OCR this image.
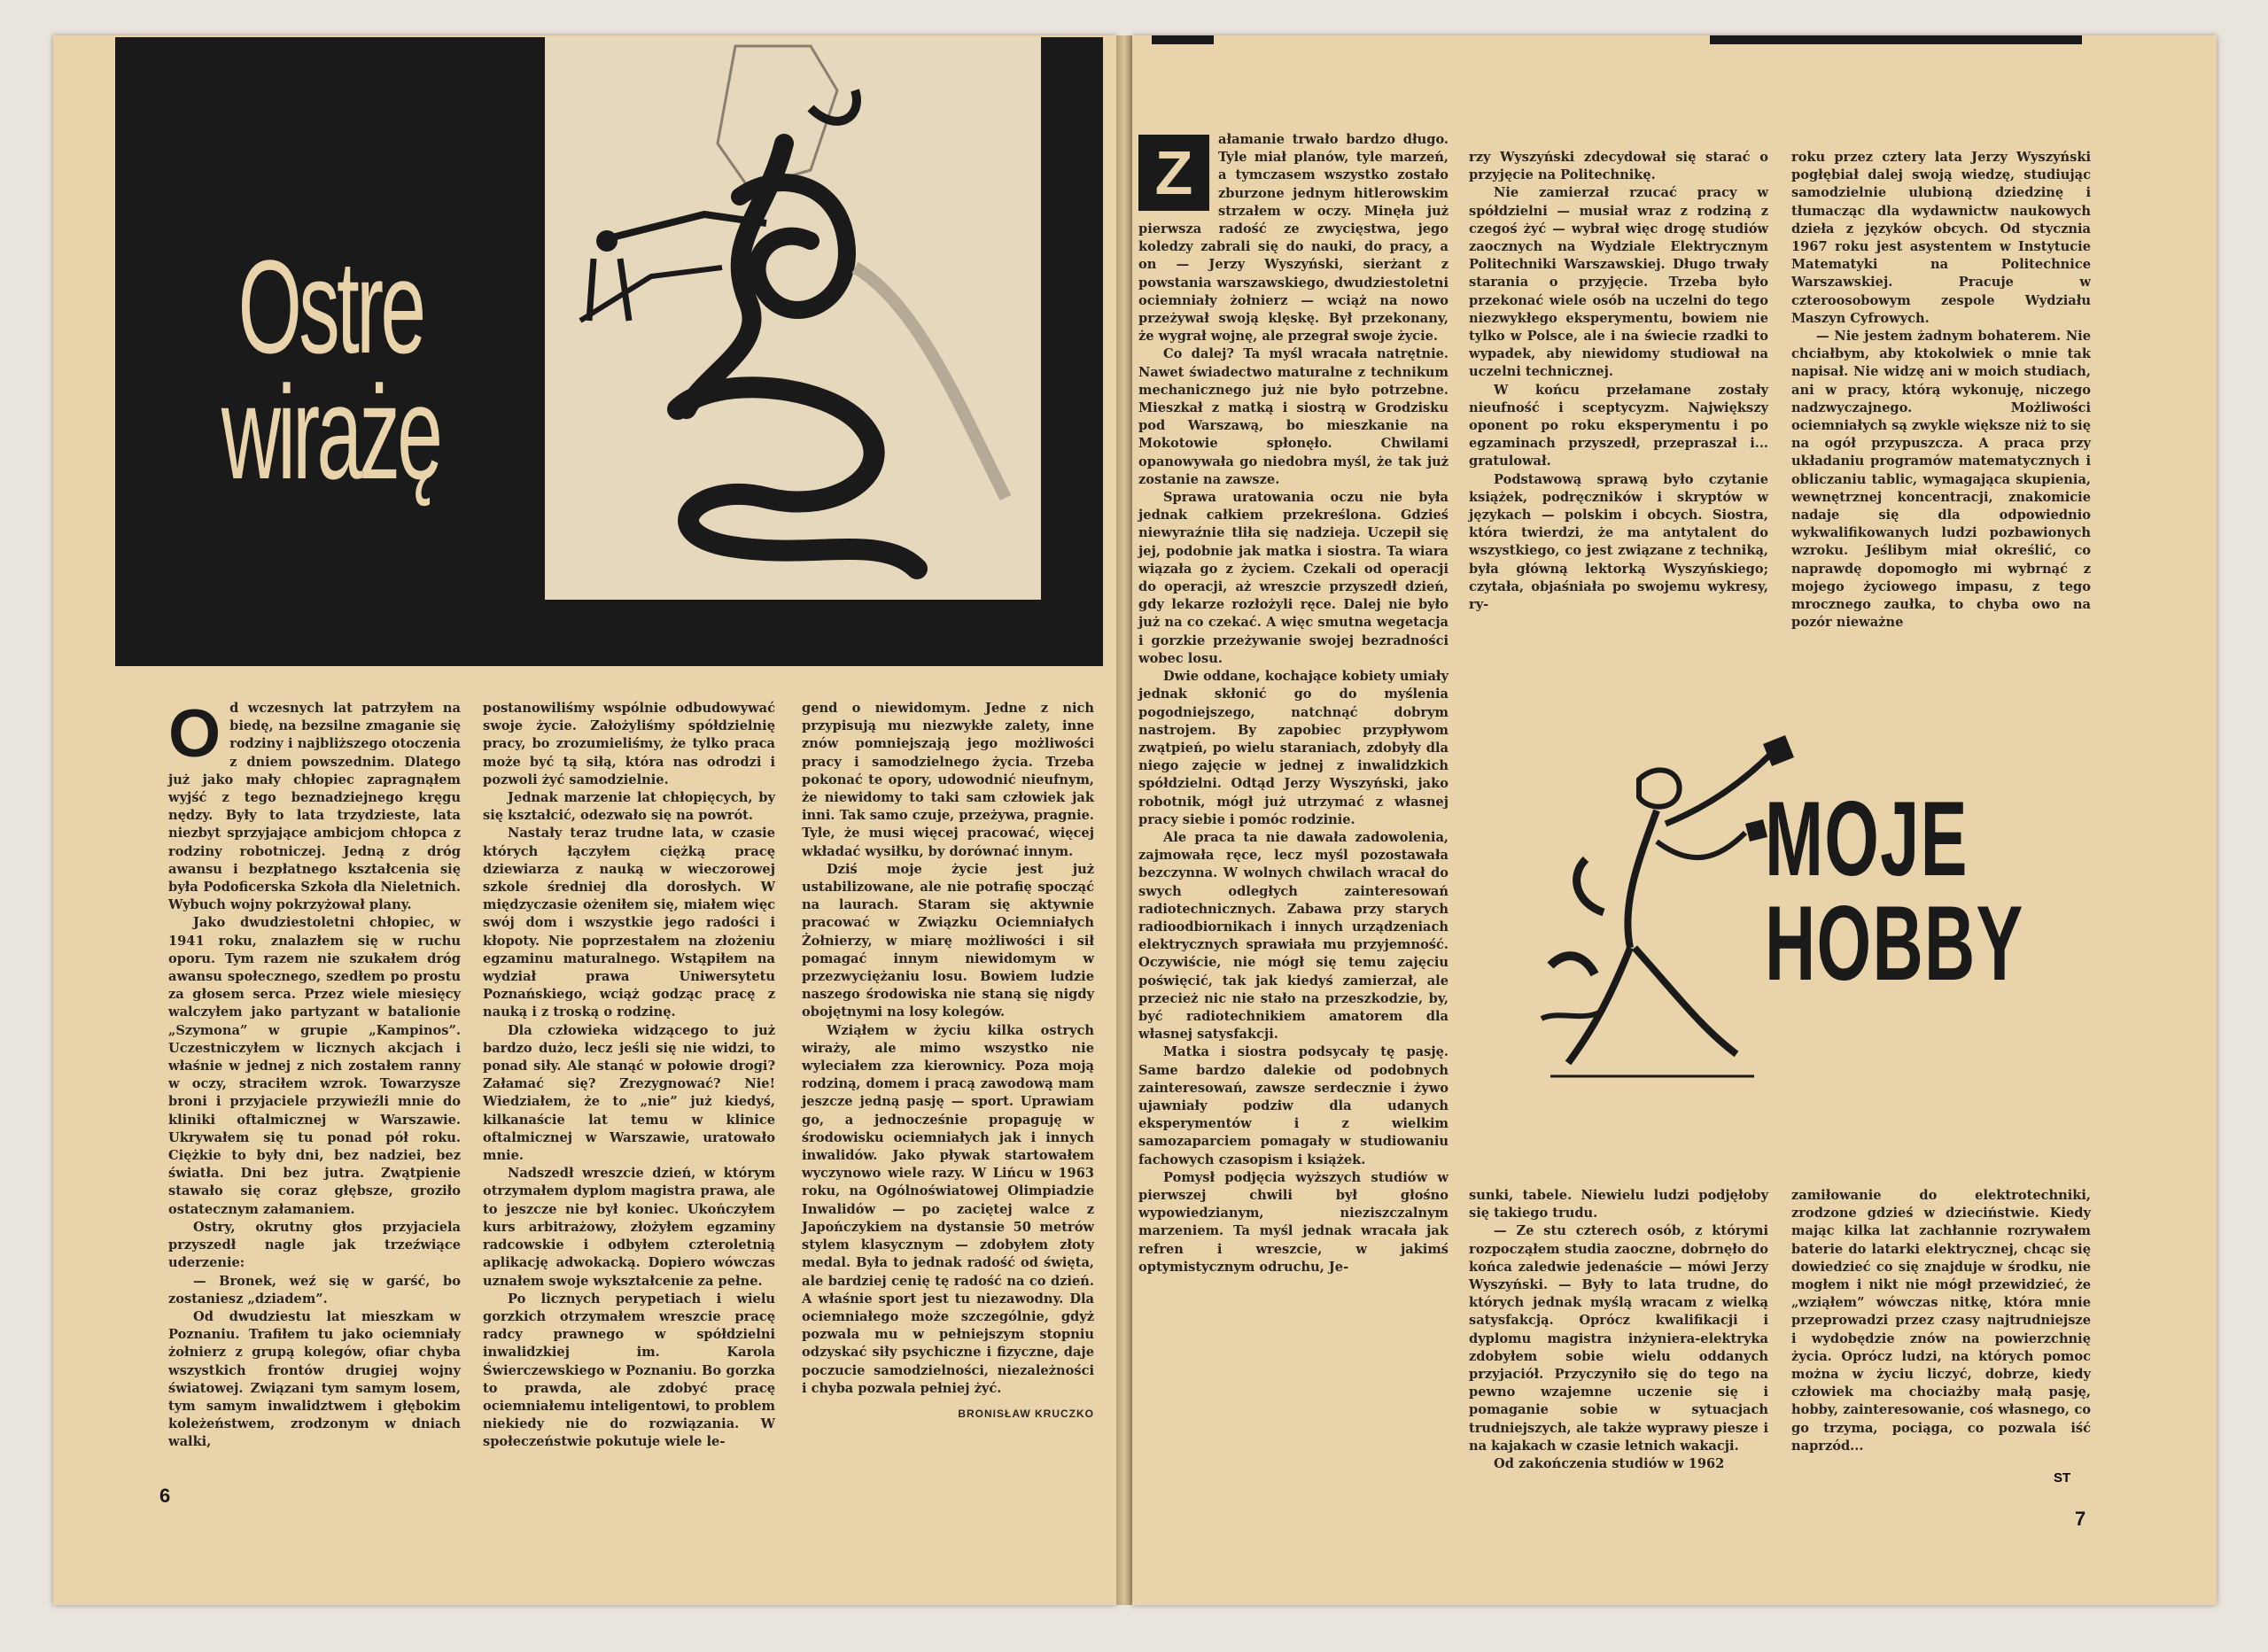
Ostre
wirażę

Od wczesnych lat patrzyłem na biedę, na bezsilne zmaganie się rodziny i najbliższego otoczenia z dniem powszednim. Dlatego już jako mały chłopiec zapragnąłem wyjść z tego beznadziejnego kręgu nędzy. Były to lata trzydzieste, lata niezbyt sprzyjające ambicjom chłopca z rodziny robotniczej. Jedną z dróg awansu i bezpłatnego kształcenia się była Podoficerska Szkoła dla Nieletnich. Wybuch wojny pokrzyżował plany.

Jako dwudziestoletni chłopiec, w 1941 roku, znalazłem się w ruchu oporu. Tym razem nie szukałem dróg awansu społecznego, szedłem po prostu za głosem serca. Przez wiele miesięcy walczyłem jako partyzant w batalionie „Szymona” w grupie „Kampinos”. Uczestniczyłem w licznych akcjach i właśnie w jednej z nich zostałem ranny w oczy, straciłem wzrok. Towarzysze broni i przyjaciele przywieźli mnie do kliniki oftalmicznej w Warszawie. Ukrywałem się tu ponad pół roku. Ciężkie to były dni, bez nadziei, bez światła. Dni bez jutra. Zwątpienie stawało się coraz głębsze, groziło ostatecznym załamaniem.

Ostry, okrutny głos przyjaciela przyszedł nagle jak trzeźwiące uderzenie:

— Bronek, weź się w garść, bo zostaniesz „dziadem”.

Od dwudziestu lat mieszkam w Poznaniu. Trafiłem tu jako ociemniały żołnierz z grupą kolegów, ofiar chyba wszystkich frontów drugiej wojny światowej. Związani tym samym losem, tym samym inwalidztwem i głębokim koleżeństwem, zrodzonym w dniach walki,

postanowiliśmy wspólnie odbudowywać swoje życie. Założyliśmy spółdzielnię pracy, bo zrozumieliśmy, że tylko praca może być tą siłą, która nas odrodzi i pozwoli żyć samodzielnie.

Jednak marzenie lat chłopięcych, by się kształcić, odezwało się na powrót.

Nastały teraz trudne lata, w czasie których łączyłem ciężką pracę dziewiarza z nauką w wieczorowej szkole średniej dla dorosłych. W międzyczasie ożeniłem się, miałem więc swój dom i wszystkie jego radości i kłopoty. Nie poprzestałem na złożeniu egzaminu maturalnego. Wstąpiłem na wydział prawa Uniwersytetu Poznańskiego, wciąż godząc pracę z nauką i z troską o rodzinę.

Dla człowieka widzącego to już bardzo dużo, lecz jeśli się nie widzi, to ponad siły. Ale stanąć w połowie drogi? Załamać się? Zrezygnować? Nie! Wiedziałem, że to „nie” już kiedyś, kilkanaście lat temu w klinice oftalmicznej w Warszawie, uratowało mnie.

Nadszedł wreszcie dzień, w którym otrzymałem dyplom magistra prawa, ale to jeszcze nie był koniec. Ukończyłem kurs arbitrażowy, złożyłem egzaminy radcowskie i odbyłem czteroletnią aplikację adwokacką. Dopiero wówczas uznałem swoje wykształcenie za pełne.

Po licznych perypetiach i wielu gorzkich otrzymałem wreszcie pracę radcy prawnego w spółdzielni inwalidzkiej im. Karola Świerczewskiego w Poznaniu. Bo gorzka to prawda, ale zdobyć pracę ociemniałemu inteligentowi, to problem niekiedy nie do rozwiązania. W społeczeństwie pokutuje wiele le-

gend o niewidomym. Jedne z nich przypisują mu niezwykłe zalety, inne znów pomniejszają jego możliwości pracy i samodzielnego życia. Trzeba pokonać te opory, udowodnić nieufnym, że niewidomy to taki sam człowiek jak inni. Tak samo czuje, przeżywa, pragnie. Tyle, że musi więcej pracować, więcej wkładać wysiłku, by dorównać innym.

Dziś moje życie jest już ustabilizowane, ale nie potrafię spocząć na laurach. Staram się aktywnie pracować w Związku Ociemniałych Żołnierzy, w miarę możliwości i sił pomagać innym niewidomym w przezwyciężaniu losu. Bowiem ludzie naszego środowiska nie staną się nigdy obojętnymi na losy kolegów.

Wziąłem w życiu kilka ostrych wiraży, ale mimo wszystko nie wyleciałem zza kierownicy. Poza moją rodziną, domem i pracą zawodową mam jeszcze jedną pasję — sport. Uprawiam go, a jednocześnie propaguję w środowisku ociemniałych jak i innych inwalidów. Jako pływak startowałem wyczynowo wiele razy. W Lińcu w 1963 roku, na Ogólnoświatowej Olimpiadzie Inwalidów — po zaciętej walce z Japończykiem na dystansie 50 metrów stylem klasycznym — zdobyłem złoty medal. Była to jednak radość od święta, ale bardziej cenię tę radość na co dzień. A właśnie sport jest tu niezawodny. Dla ociemniałego może szczególnie, gdyż pozwala mu w pełniejszym stopniu odzyskać siły psychiczne i fizyczne, daje poczucie samodzielności, niezależności i chyba pozwala pełniej żyć.

BRONISŁAW KRUCZKO
6

Z	ałamanie trwało bardzo długo. Tyle miał planów, tyle marzeń, a tymczasem wszystko zostało zburzone jednym hitlerowskim strzałem w oczy. Minęła już pierwsza radość ze zwycięstwa, jego koledzy zabrali się do nauki, do pracy, a on — Jerzy Wyszyński, sierżant z powstania warszawskiego, dwudziestoletni ociemniały żołnierz — wciąż na nowo przeżywał swoją klęskę. Był przekonany, że wygrał wojnę, ale przegrał swoje życie.

Co dalej? Ta myśl wracała natrętnie. Nawet świadectwo maturalne z technikum mechanicznego już nie było potrzebne. Mieszkał z matką i siostrą w Grodzisku pod Warszawą, bo mieszkanie na Mokotowie spłonęło. Chwilami opanowywała go niedobra myśl, że tak już zostanie na zawsze.

Sprawa uratowania oczu nie była jednak całkiem przekreślona. Gdzieś niewyraźnie tliła się nadzieja. Uczepił się jej, podobnie jak matka i siostra. Ta wiara wiązała go z życiem. Czekali od operacji do operacji, aż wreszcie przyszedł dzień, gdy lekarze rozłożyli ręce. Dalej nie było już na co czekać. A więc smutna wegetacja i gorzkie przeżywanie swojej bezradności wobec losu.

Dwie oddane, kochające kobiety umiały jednak skłonić go do myślenia pogodniejszego, natchnąć dobrym nastrojem. By zapobiec przypływom zwątpień, po wielu staraniach, zdobyły dla niego zajęcie w jednej z inwalidzkich spółdzielni. Odtąd Jerzy Wyszyński, jako robotnik, mógł już utrzymać z własnej pracy siebie i pomóc rodzinie.

Ale praca ta nie dawała zadowolenia, zajmowała ręce, lecz myśl pozostawała bezczynna. W wolnych chwilach wracał do swych odległych zainteresowań radiotechnicznych. Zabawa przy starych radioodbiornikach i innych urządzeniach elektrycznych sprawiała mu przyjemność. Oczywiście, nie mógł się temu zajęciu poświęcić, tak jak kiedyś zamierzał, ale przecież nic nie stało na przeszkodzie, by, być radiotechnikiem amatorem dla własnej satysfakcji.

Matka i siostra podsycały tę pasję. Same bardzo dalekie od podobnych zainteresowań, zawsze serdecznie i żywo ujawniały podziw dla udanych eksperymentów i z wielkim samozaparciem pomagały w studiowaniu fachowych czasopism i książek.

Pomysł podjęcia wyższych studiów w pierwszej chwili był głośno wypowiedzianym, nieziszczalnym marzeniem. Ta myśl jednak wracała jak refren i wreszcie, w jakimś optymistycznym odruchu, Je-

rzy Wyszyński zdecydował się starać o przyjęcie na Politechnikę.

Nie zamierzał rzucać pracy w spółdzielni — musiał wraz z rodziną z czegoś żyć — wybrał więc drogę studiów zaocznych na Wydziale Elektrycznym Politechniki Warszawskiej. Długo trwały starania o przyjęcie. Trzeba było przekonać wiele osób na uczelni do tego niezwykłego eksperymentu, bowiem nie tylko w Polsce, ale i na świecie rzadki to wypadek, aby niewidomy studiował na uczelni technicznej.

W końcu przełamane zostały nieufność i sceptycyzm. Największy oponent po roku eksperymentu i po egzaminach przyszedł, przepraszał i... gratulował.

Podstawową sprawą było czytanie książek, podręczników i skryptów w językach — polskim i obcych. Siostra, która twierdzi, że ma antytalent do wszystkiego, co jest związane z techniką, była główną lektorką Wyszyńskiego; czytała, objaśniała po swojemu wykresy, ry-

roku przez cztery lata Jerzy Wyszyński pogłębiał dalej swoją wiedzę, studiując samodzielnie ulubioną dziedzinę i tłumacząc dla wydawnictw naukowych dzieła z języków obcych. Od stycznia 1967 roku jest asystentem w Instytucie Matematyki na Politechnice Warszawskiej. Pracuje w czteroosobowym zespole Wydziału Maszyn Cyfrowych.

— Nie jestem żadnym bohaterem. Nie chciałbym, aby ktokolwiek o mnie tak napisał. Nie widzę ani w moich studiach, ani w pracy, którą wykonuję, niczego nadzwyczajnego. Możliwości ociemniałych są zwykle większe niż to się na ogół przypuszcza. A praca przy układaniu programów matematycznych i obliczaniu tablic, wymagająca skupienia, wewnętrznej koncentracji, znakomicie nadaje się dla odpowiednio wykwalifikowanych ludzi pozbawionych wzroku. Jeślibym miał określić, co naprawdę dopomogło mi wybrnąć z mojego życiowego impasu, z tego mrocznego zaułka, to chyba owo na pozór nieważne

MOJE
HOBBY

sunki, tabele. Niewielu ludzi podjęłoby się takiego trudu.

— Ze stu czterech osób, z którymi rozpocząłem studia zaoczne, dobrnęło do końca zaledwie jedenaście — mówi Jerzy Wyszyński. — Były to lata trudne, do których jednak myślą wracam z wielką satysfakcją. Oprócz kwalifikacji i dyplomu magistra inżyniera-elektryka zdobyłem sobie wielu oddanych przyjaciół. Przyczyniło się do tego na pewno wzajemne uczenie się i pomaganie sobie w sytuacjach trudniejszych, ale także wyprawy piesze i na kajakach w czasie letnich wakacji.

Od zakończenia studiów w 1962

zamiłowanie do elektrotechniki, zrodzone gdzieś w dzieciństwie. Kiedy mając kilka lat zachłannie rozrywałem baterie do latarki elektrycznej, chcąc się dowiedzieć co się znajduje w środku, nie mogłem i nikt nie mógł przewidzieć, że „wziąłem” wówczas nitkę, która mnie przeprowadzi przez czasy najtrudniejsze i wydobędzie znów na powierzchnię życia. Oprócz ludzi, na których pomoc można w życiu liczyć, dobrze, kiedy człowiek ma chociażby małą pasję, hobby, zainteresowanie, coś własnego, co go trzyma, pociąga, co pozwala iść naprzód...

ST
7
